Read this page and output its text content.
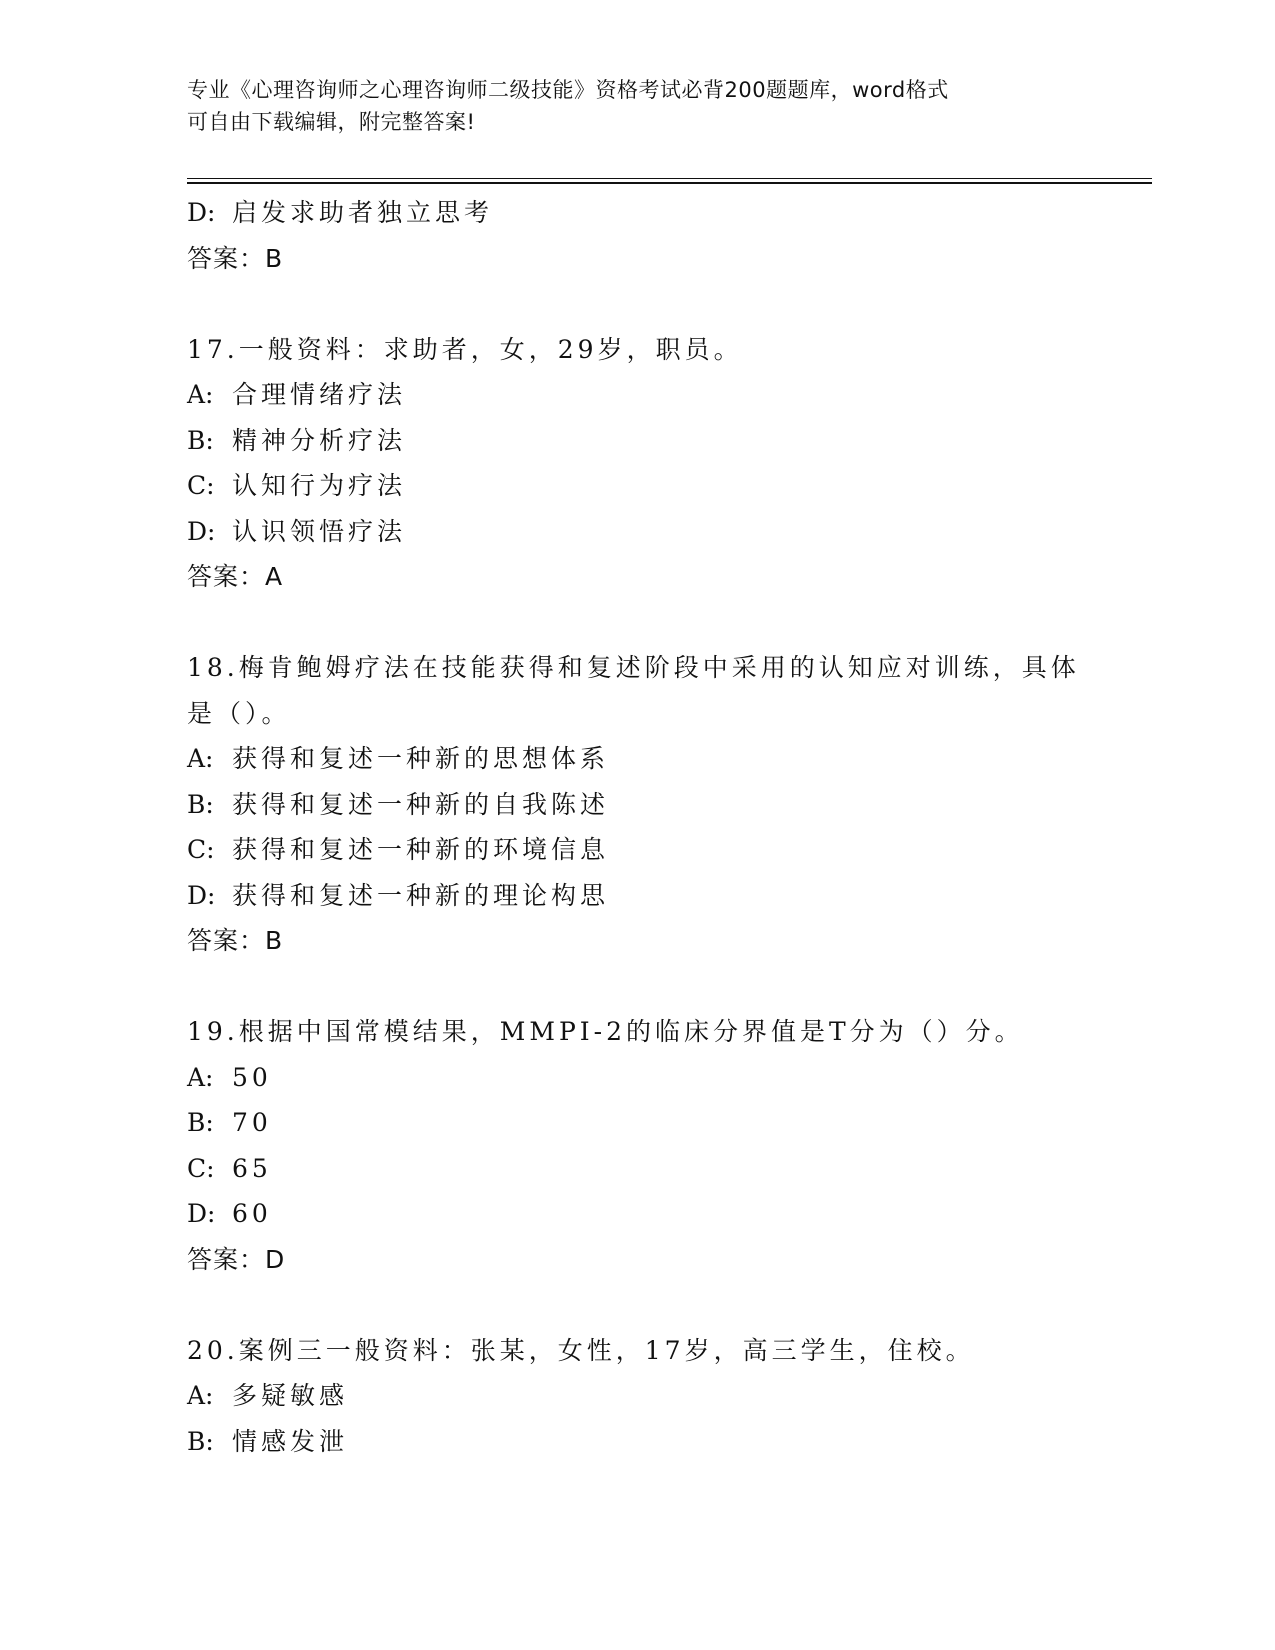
专业《心理咨询师之心理咨询师二级技能》资格考试必背200题题库，word格式
可自由下载编辑，附完整答案!
D: 启发求助者独立思考
答案：B
17.一般资料：求助者，女，29岁，职员。
A: 合理情绪疗法
B: 精神分析疗法
C: 认知行为疗法
D: 认识领悟疗法
答案：A
18.梅肯鲍姆疗法在技能获得和复述阶段中采用的认知应对训练，具体是（）。
A: 获得和复述一种新的思想体系
B: 获得和复述一种新的自我陈述
C: 获得和复述一种新的环境信息
D: 获得和复述一种新的理论构思
答案：B
19.根据中国常模结果，MMPI-2的临床分界值是T分为（）分。
A: 50
B: 70
C: 65
D: 60
答案：D
20.案例三一般资料：张某，女性，17岁，高三学生，住校。
A: 多疑敏感
B: 情感发泄
